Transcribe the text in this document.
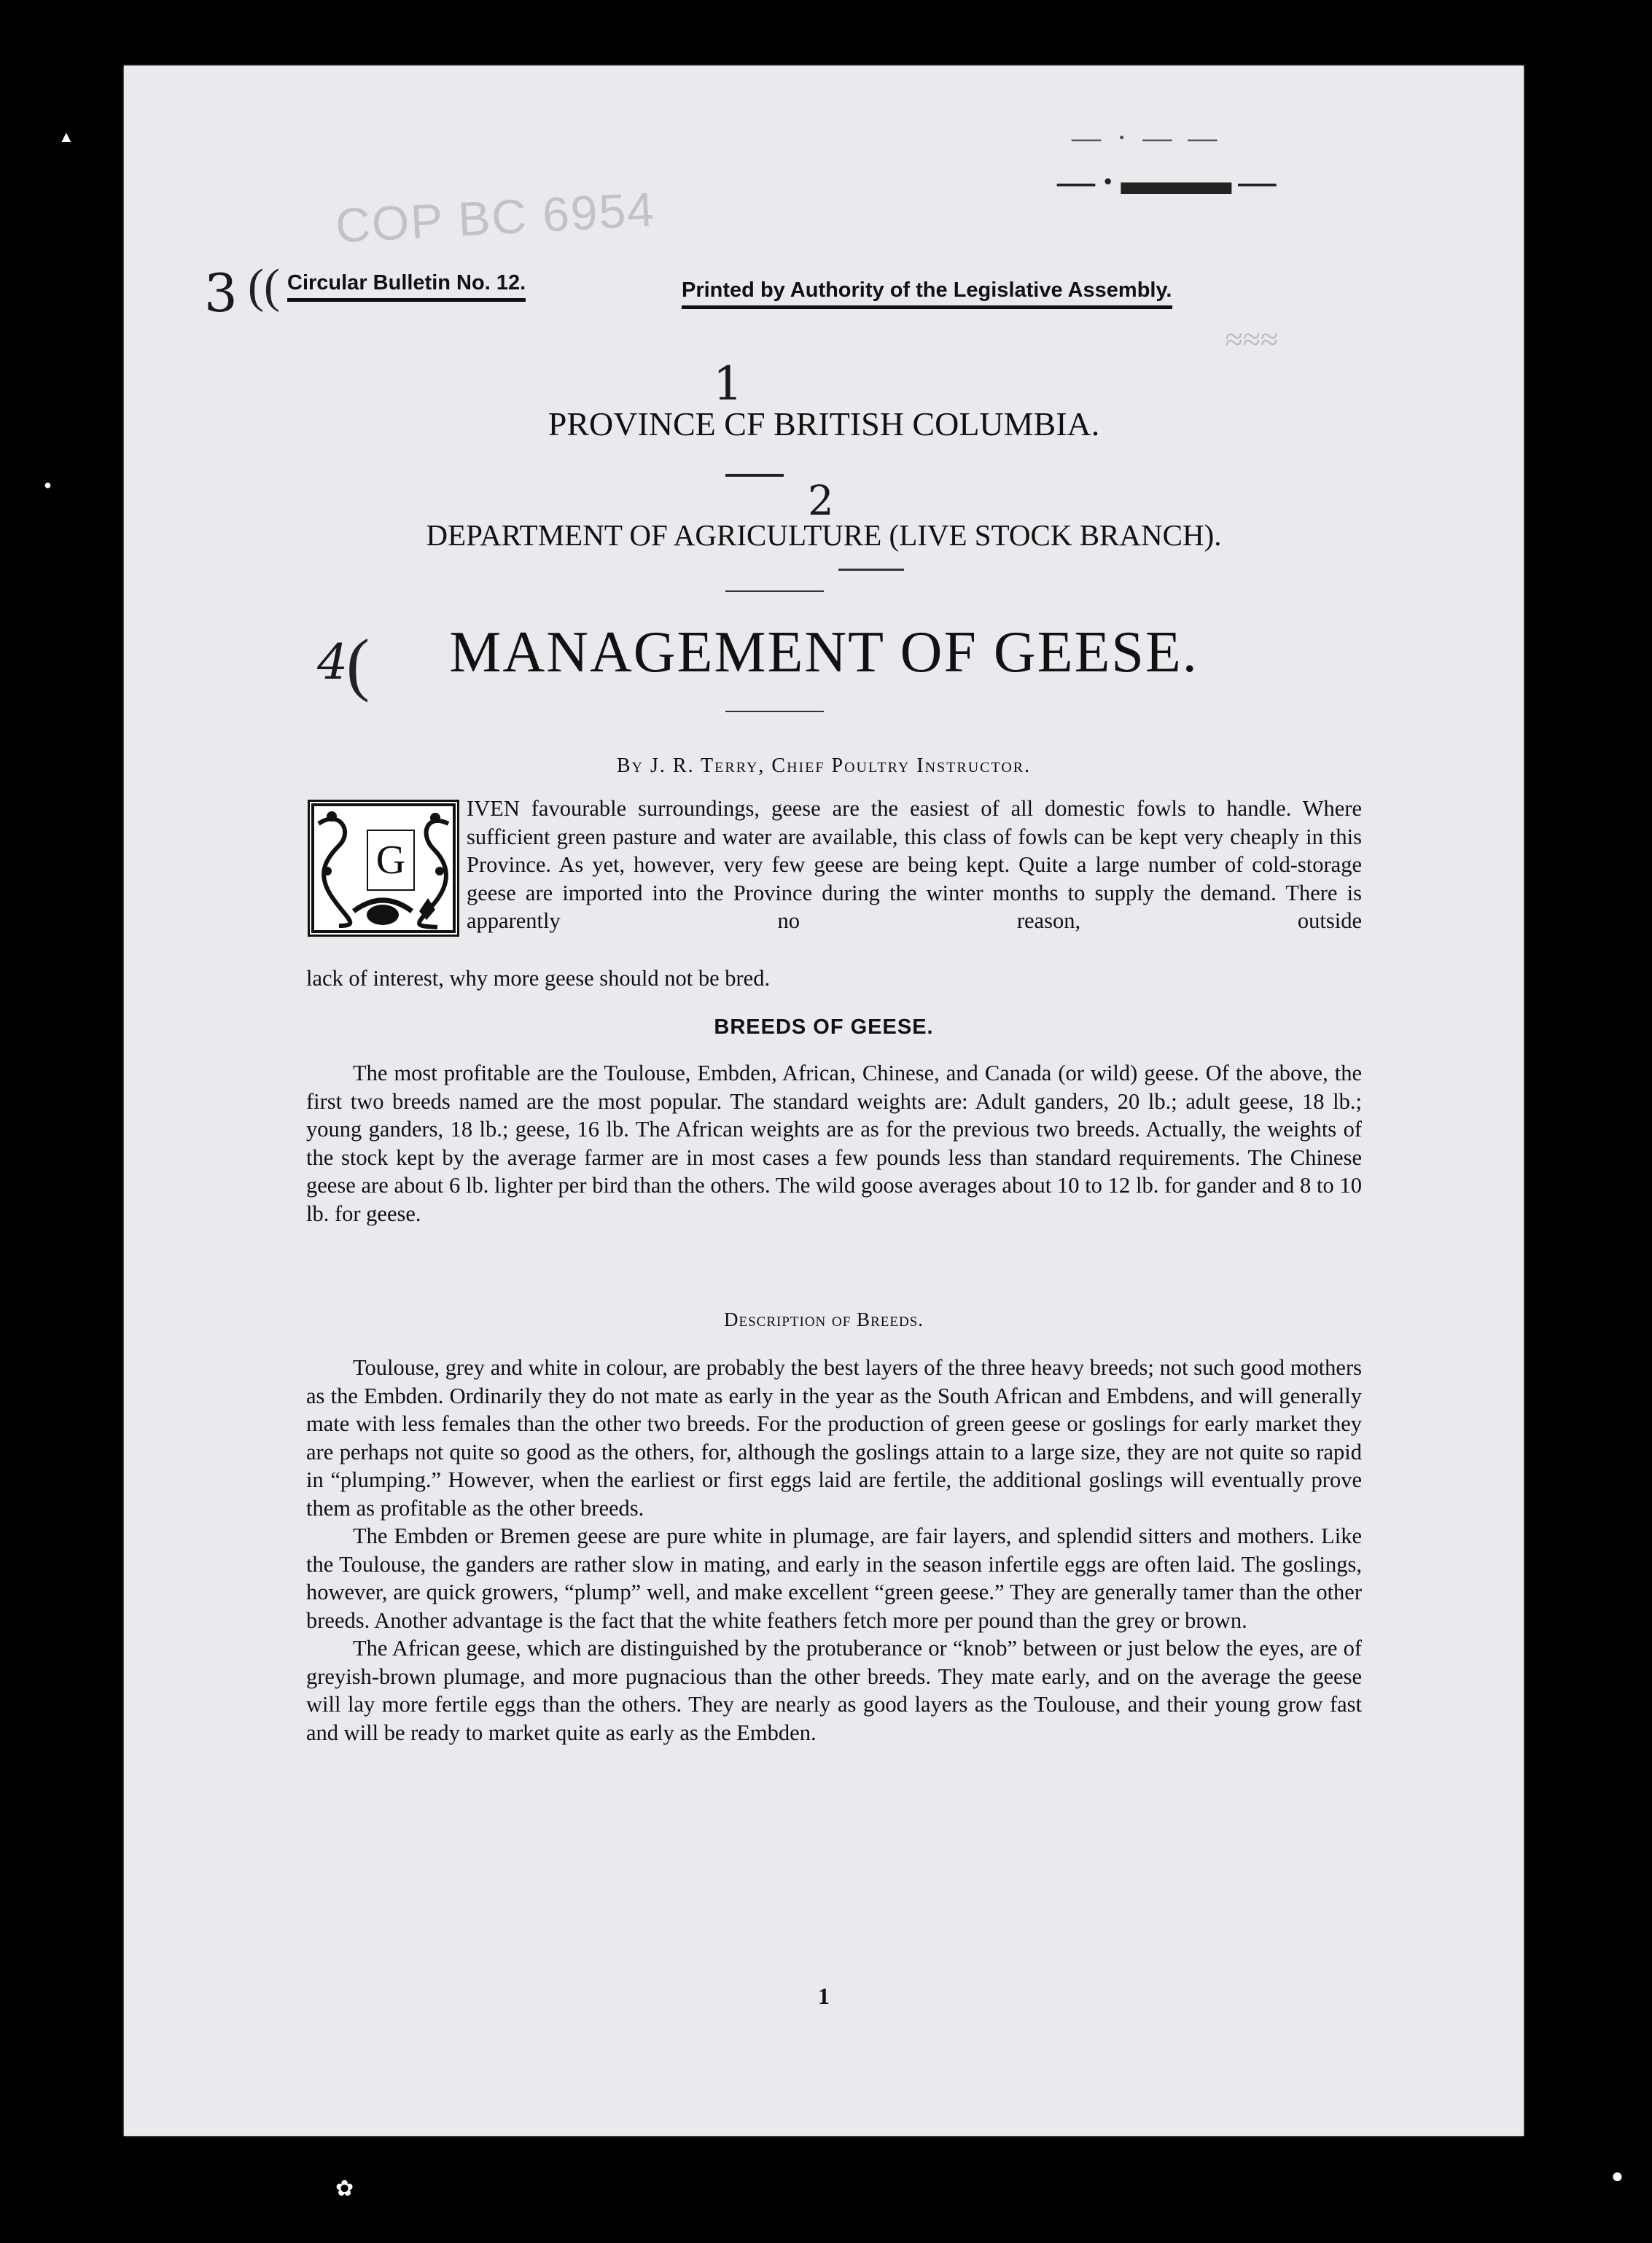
COP BC 6954
— · — —
— · ▬▬▬ —
≈≈≈
3 (( Circular Bulletin No. 12.	Printed by Authority of the Legislative Assembly.
1
PROVINCE CF BRITISH COLUMBIA.
2
DEPARTMENT OF AGRICULTURE (LIVE STOCK BRANCH).
4
(	MANAGEMENT OF GEESE.
By J. R. Terry, Chief Poultry Instructor.
G
IVEN favourable surroundings, geese are the easiest of all domestic fowls to handle. Where sufficient green pasture and water are available, this class of fowls can be kept very cheaply in this Province. As yet, however, very few geese are being kept. Quite a large number of cold-storage geese are imported into the Province during the winter months to supply the demand. There is apparently no reason, outside
lack of interest, why more geese should not be bred.
BREEDS OF GEESE.
The most profitable are the Toulouse, Embden, African, Chinese, and Canada (or wild) geese. Of the above, the first two breeds named are the most popular. The standard weights are: Adult ganders, 20 lb.; adult geese, 18 lb.; young ganders, 18 lb.; geese, 16 lb. The African weights are as for the previous two breeds. Actually, the weights of the stock kept by the average farmer are in most cases a few pounds less than standard requirements. The Chinese geese are about 6 lb. lighter per bird than the others. The wild goose averages about 10 to 12 lb. for gander and 8 to 10 lb. for geese.
Description of Breeds.
Toulouse, grey and white in colour, are probably the best layers of the three heavy breeds; not such good mothers as the Embden. Ordinarily they do not mate as early in the year as the South African and Embdens, and will generally mate with less females than the other two breeds. For the production of green geese or goslings for early market they are perhaps not quite so good as the others, for, although the goslings attain to a large size, they are not quite so rapid in “plumping.” However, when the earliest or first eggs laid are fertile, the additional goslings will eventually prove them as profitable as the other breeds.
The Embden or Bremen geese are pure white in plumage, are fair layers, and splendid sitters and mothers. Like the Toulouse, the ganders are rather slow in mating, and early in the season infertile eggs are often laid. The goslings, however, are quick growers, “plump” well, and make excellent “green geese.” They are generally tamer than the other breeds. Another advantage is the fact that the white feathers fetch more per pound than the grey or brown.
The African geese, which are distinguished by the protuberance or “knob” between or just below the eyes, are of greyish-brown plumage, and more pugnacious than the other breeds. They mate early, and on the average the geese will lay more fertile eggs than the others. They are nearly as good layers as the Toulouse, and their young grow fast and will be ready to market quite as early as the Embden.
1
▲
●
✿
●
